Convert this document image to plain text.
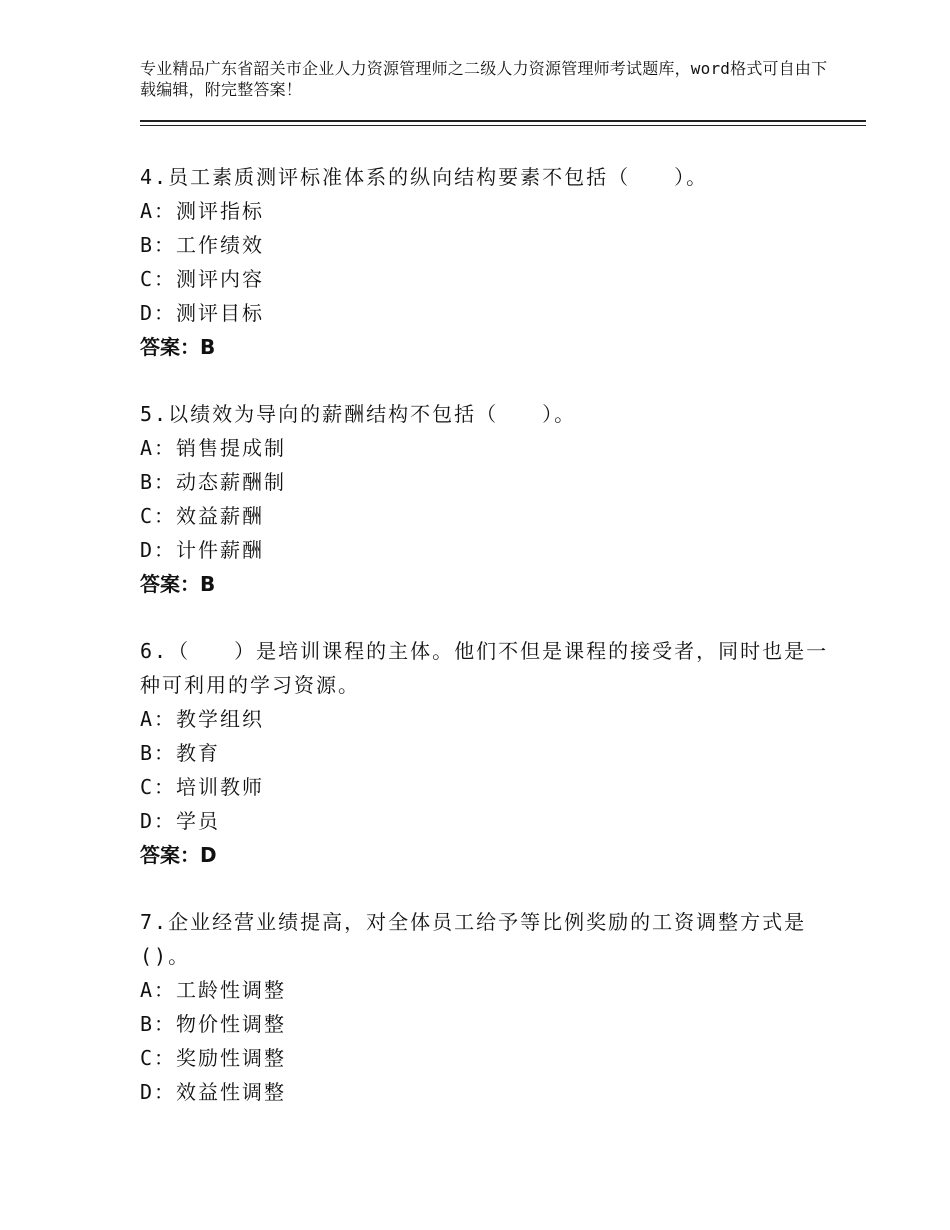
专业精品广东省韶关市企业人力资源管理师之二级人力资源管理师考试题库，word格式可自由下载编辑，附完整答案！

4.员工素质测评标准体系的纵向结构要素不包括（　　）。

A：测评指标

B：工作绩效

C：测评内容

D：测评目标

答案：B

5.以绩效为导向的薪酬结构不包括（　　）。

A：销售提成制

B：动态薪酬制

C：效益薪酬

D：计件薪酬

答案：B

6.（　　）是培训课程的主体。他们不但是课程的接受者，同时也是一种可利用的学习资源。

A：教学组织

B：教育

C：培训教师

D：学员

答案：D

7.企业经营业绩提高，对全体员工给予等比例奖励的工资调整方式是()。

A：工龄性调整

B：物价性调整

C：奖励性调整

D：效益性调整
